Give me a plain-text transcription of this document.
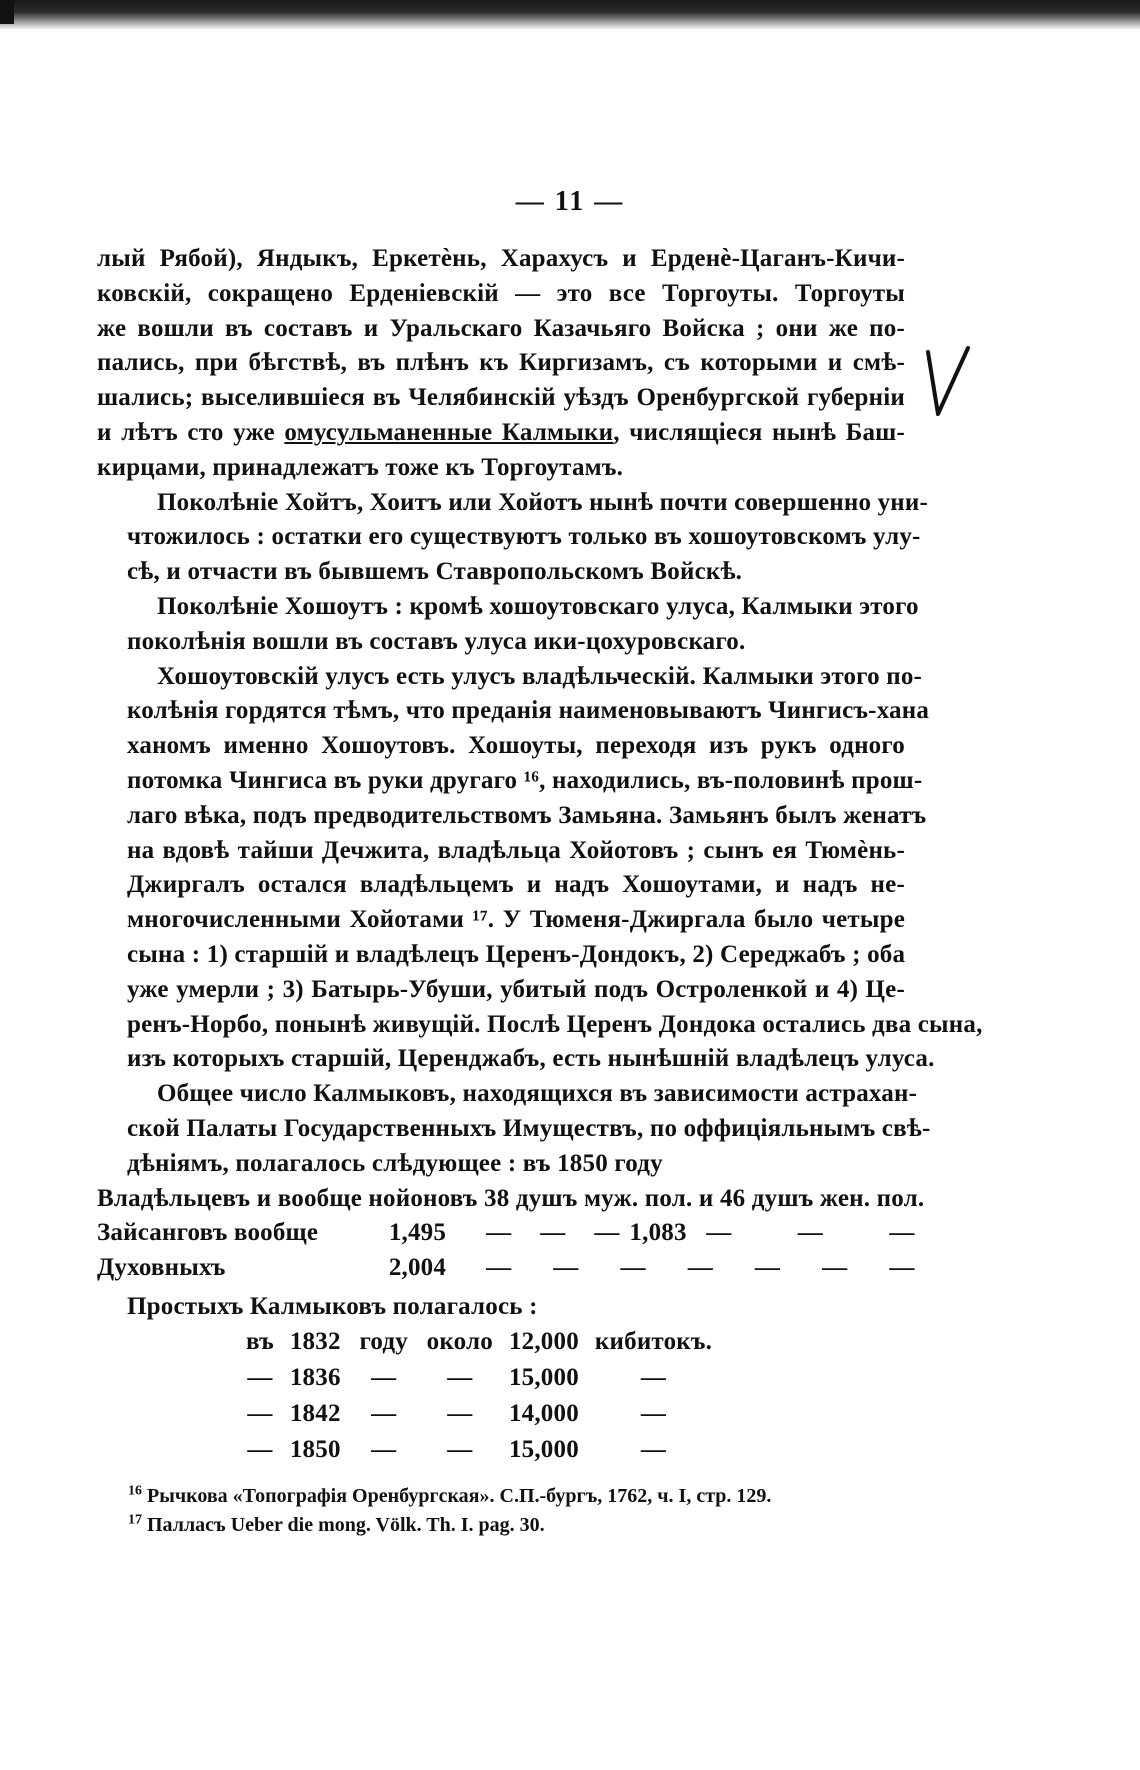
— 11 —
лый Рябой), Яндыкъ, Еркетѐнь, Харахусъ и Ерденѐ-Цаганъ-Кичи-
ковскій, сокращено Ерденіевскій — это все Торгоуты. Торгоуты
же вошли въ составъ и Уральскаго Казачьяго Войска ; они же по-
пались, при бѣгствѣ, въ плѣнъ къ Киргизамъ, съ которыми и смѣ-
шались; выселившіеся въ Челябинскій уѣздъ Оренбургской губерніи
и лѣтъ сто уже омусульманенные Калмыки, числящіеся нынѣ Баш-
кирцами, принадлежатъ тоже къ Торгоутамъ.
Поколѣніе Хойтъ, Хоитъ или Хойотъ нынѣ почти совершенно уни-
чтожилось : остатки его существуютъ только въ хошоутовскомъ улу-
сѣ, и отчасти въ бывшемъ Ставропольскомъ Войскѣ.
Поколѣніе Хошоутъ : кромѣ хошоутовскаго улуса, Калмыки этого
поколѣнія вошли въ составъ улуса ики-цохуровскаго.
Хошоутовскій улусъ есть улусъ владѣльческій. Калмыки этого по-
колѣнія гордятся тѣмъ, что преданія наименовываютъ Чингисъ-хана
ханомъ именно Хошоутовъ. Хошоуты, переходя изъ рукъ одного
потомка Чингиса въ руки другаго ¹⁶, находились, въ-половинѣ прош-
лаго вѣка, подъ предводительствомъ Замьяна. Замьянъ былъ женатъ
на вдовѣ тайши Дечжита, владѣльца Хойотовъ ; сынъ ея Тюмѐнь-
Джиргалъ остался владѣльцемъ и надъ Хошоутами, и надъ не-
многочисленными Хойотами ¹⁷. У Тюменя-Джиргала было четыре
сына : 1) старшій и владѣлецъ Церенъ-Дондокъ, 2) Середжабъ ; оба
уже умерли ; 3) Батырь-Убуши, убитый подъ Остроленкой и 4) Це-
ренъ-Норбо, понынѣ живущій. Послѣ Церенъ Дондока остались два сына,
изъ которыхъ старшій, Церенджабъ, есть нынѣшній владѣлецъ улуса.
Общее число Калмыковъ, находящихся въ зависимости астрахан-
ской Палаты Государственныхъ Имуществъ, по оффиціяльнымъ свѣ-
дѣніямъ, полагалось слѣдующее : въ 1850 году
Владѣльцевъ и вообще нойоновъ 38 душъ муж. пол. и 46 душъ жен. пол.				
Зайсанговъ вообще	1,495	— — —	1,083	— — —
Духовныхъ	2,004	— — — — — — —		
Простыхъ Калмыковъ полагалось :
въ	1832	году	около	12,000	кибитокъ.
—	1836	—	—	15,000	—
—	1842	—	—	14,000	—
—	1850	—	—	15,000	—
$^{16}$ Рычкова «Топографія Оренбургская». С.П.-бургъ, 1762, ч. I, стр. 129.
$^{17}$ Палласъ Ueber die mong. Völk. Th. I. pag. 30.
